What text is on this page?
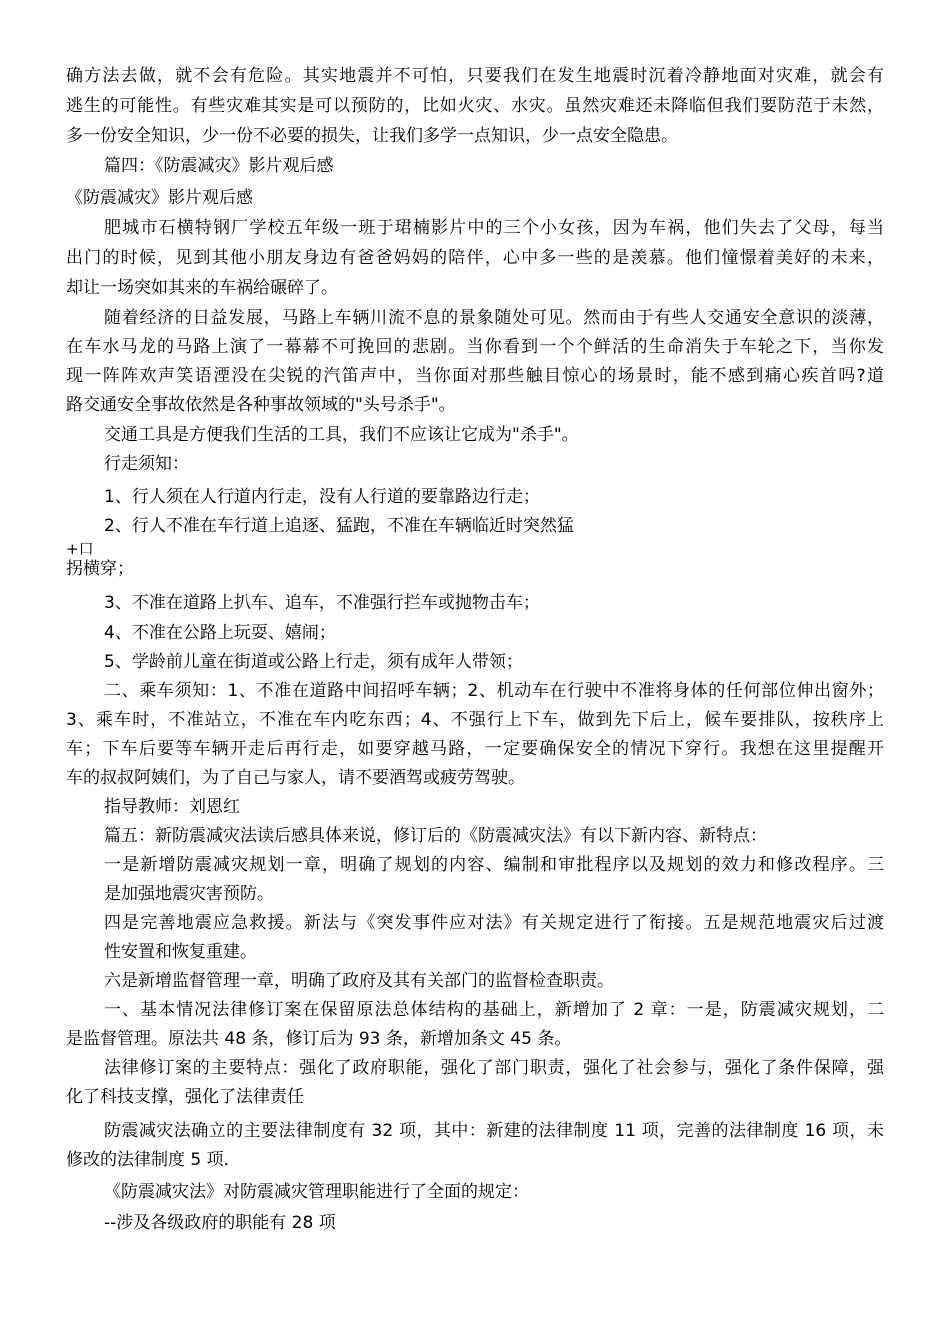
确方法去做，就不会有危险。其实地震并不可怕，只要我们在发生地震时沉着冷静地面对灾难，就会有

逃生的可能性。有些灾难其实是可以预防的，比如火灾、水灾。虽然灾难还未降临但我们要防范于未然，

多一份安全知识，少一份不必要的损失，让我们多学一点知识，少一点安全隐患。

篇四：《防震减灾》影片观后感

《防震减灾》影片观后感

肥城市石横特钢厂学校五年级一班于珺楠影片中的三个小女孩，因为车祸，他们失去了父母，每当

出门的时候，见到其他小朋友身边有爸爸妈妈的陪伴，心中多一些的是羡慕。他们憧憬着美好的未来，

却让一场突如其来的车祸给碾碎了。

随着经济的日益发展，马路上车辆川流不息的景象随处可见。然而由于有些人交通安全意识的淡薄，

在车水马龙的马路上演了一幕幕不可挽回的悲剧。当你看到一个个鲜活的生命消失于车轮之下，当你发

现一阵阵欢声笑语湮没在尖锐的汽笛声中，当你面对那些触目惊心的场景时，能不感到痛心疾首吗?道

路交通安全事故依然是各种事故领域的"头号杀手"。

交通工具是方便我们生活的工具，我们不应该让它成为"杀手"。

行走须知：

1、行人须在人行道内行走，没有人行道的要靠路边行走；

2、行人不准在车行道上追逐、猛跑，不准在车辆临近时突然猛

+口

拐横穿；

3、不准在道路上扒车、追车，不准强行拦车或抛物击车；

4、不准在公路上玩耍、嬉闹；

5、学龄前儿童在街道或公路上行走，须有成年人带领；

二、乘车须知：1、不准在道路中间招呼车辆；2、机动车在行驶中不准将身体的任何部位伸出窗外；

3、乘车时，不准站立，不准在车内吃东西；4、不强行上下车，做到先下后上，候车要排队，按秩序上

车；下车后要等车辆开走后再行走，如要穿越马路，一定要确保安全的情况下穿行。我想在这里提醒开

车的叔叔阿姨们，为了自己与家人，请不要酒驾或疲劳驾驶。

指导教师：刘恩红

篇五：新防震减灾法读后感具体来说，修订后的《防震减灾法》有以下新内容、新特点：

一是新增防震减灾规划一章，明确了规划的内容、编制和审批程序以及规划的效力和修改程序。三

是加强地震灾害预防。

四是完善地震应急救援。新法与《突发事件应对法》有关规定进行了衔接。五是规范地震灾后过渡

性安置和恢复重建。

六是新增监督管理一章，明确了政府及其有关部门的监督检查职责。

一、基本情况法律修订案在保留原法总体结构的基础上，新增加了 2 章：一是，防震减灾规划，二

是监督管理。原法共 48 条，修订后为 93 条，新增加条文 45 条。

法律修订案的主要特点：强化了政府职能，强化了部门职责，强化了社会参与，强化了条件保障，强

化了科技支撑，强化了法律责任

防震减灾法确立的主要法律制度有 32 项，其中：新建的法律制度 11 项，完善的法律制度 16 项，未

修改的法律制度 5 项．

《防震减灾法》对防震减灾管理职能进行了全面的规定：

--涉及各级政府的职能有 28 项
